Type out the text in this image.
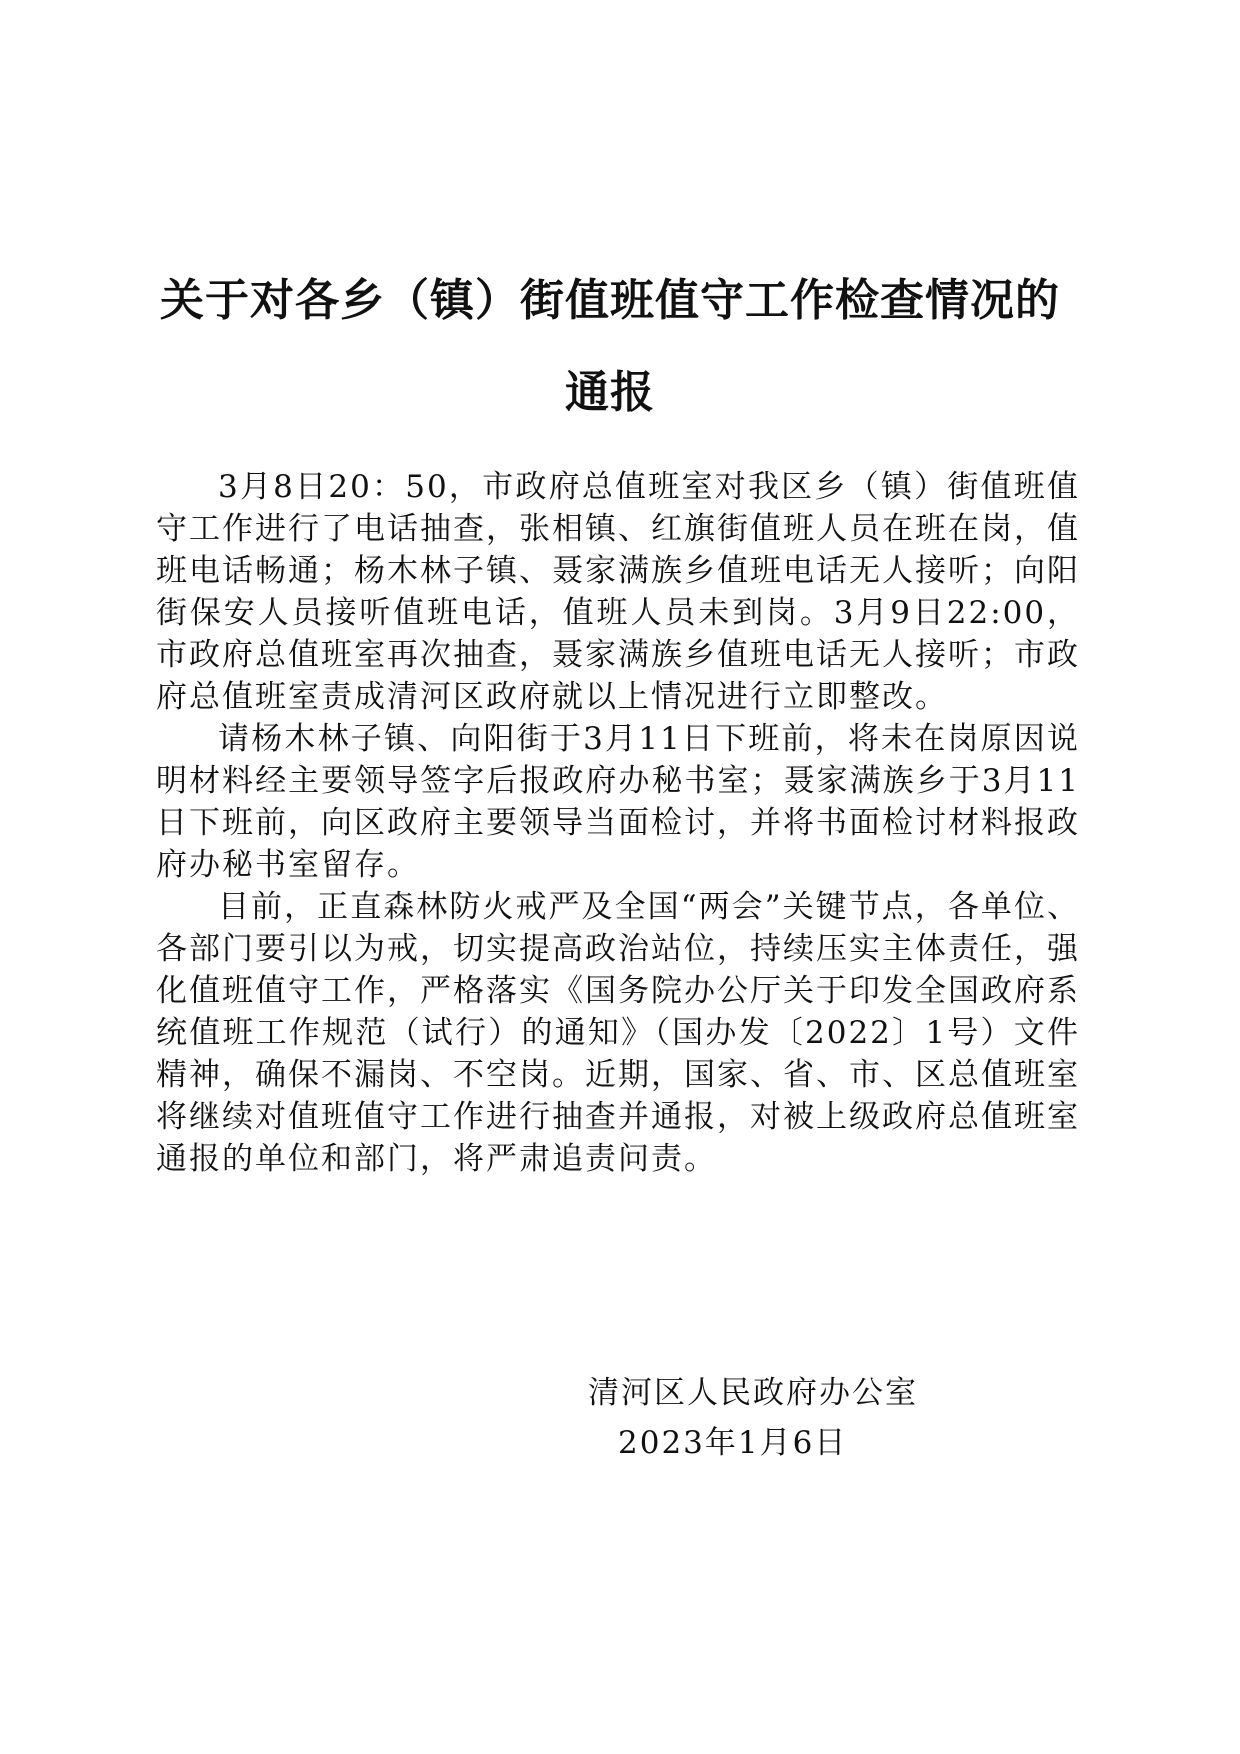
关于对各乡（镇）街值班值守工作检查情况的
通报

3月8日20：50，市政府总值班室对我区乡（镇）街值班值守工作进行了电话抽查，张相镇、红旗街值班人员在班在岗，值班电话畅通；杨木林子镇、聂家满族乡值班电话无人接听；向阳街保安人员接听值班电话，值班人员未到岗。3月9日22:00，市政府总值班室再次抽查，聂家满族乡值班电话无人接听；市政府总值班室责成清河区政府就以上情况进行立即整改。

请杨木林子镇、向阳街于3月11日下班前，将未在岗原因说明材料经主要领导签字后报政府办秘书室；聂家满族乡于3月11日下班前，向区政府主要领导当面检讨，并将书面检讨材料报政府办秘书室留存。

目前，正直森林防火戒严及全国“两会”关键节点，各单位、各部门要引以为戒，切实提高政治站位，持续压实主体责任，强化值班值守工作，严格落实《国务院办公厅关于印发全国政府系统值班工作规范（试行）的通知》（国办发〔2022〕1号）文件精神，确保不漏岗、不空岗。近期，国家、省、市、区总值班室将继续对值班值守工作进行抽查并通报，对被上级政府总值班室通报的单位和部门，将严肃追责问责。

清河区人民政府办公室

2023年1月6日
